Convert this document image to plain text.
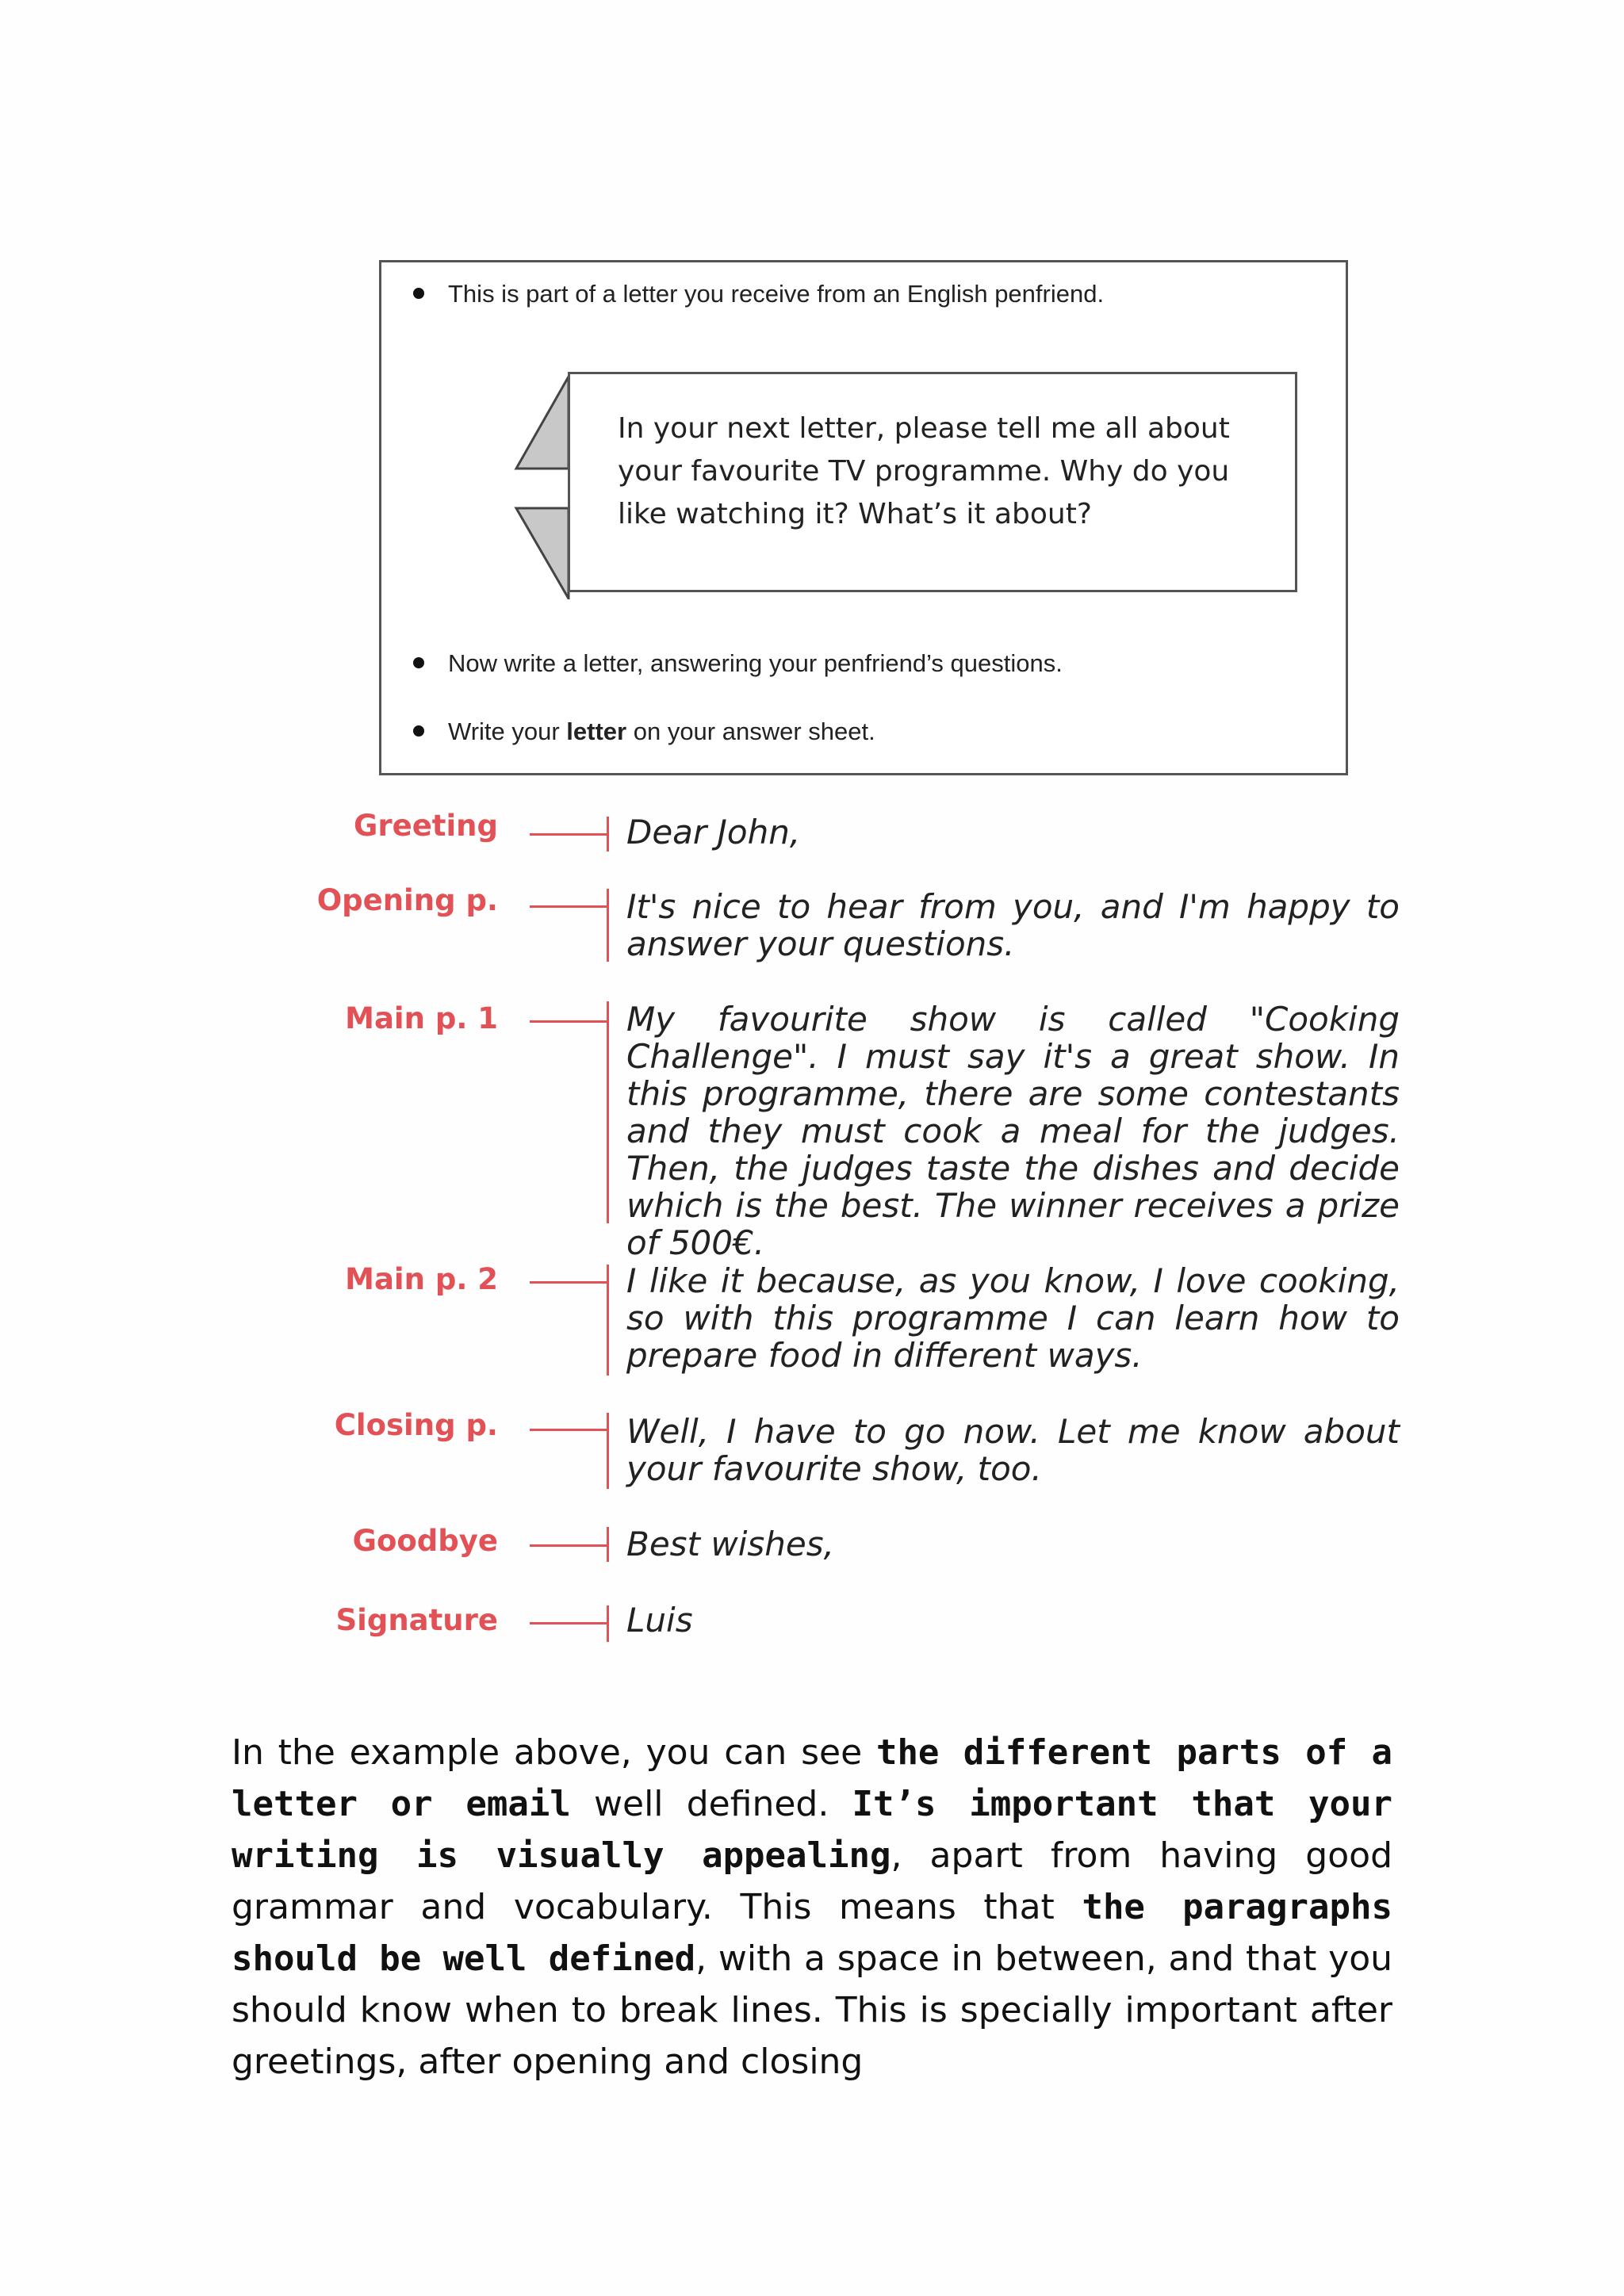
This is part of a letter you receive from an English penfriend.
In your next letter, please tell me all about your favourite TV programme. Why do you like watching it? What’s it about?
Now write a letter, answering your penfriend’s questions.
Write your letter on your answer sheet.
Greeting	Dear John,
Opening p.	It's nice to hear from you, and I'm happy to answer your questions.
Main p. 1	My favourite show is called "Cooking Challenge". I must say it's a great show. In this programme, there are some contestants and they must cook a meal for the judges. Then, the judges taste the dishes and decide which is the best. The winner receives a prize of 500€.
Main p. 2	I like it because, as you know, I love cooking, so with this programme I can learn how to prepare food in different ways.
Closing p.	Well, I have to go now. Let me know about your favourite show, too.
Goodbye	Best wishes,
Signature	Luis
In the example above, you can see the different parts of a letter or email well defined. It’s important that your writing is visually appealing, apart from having good grammar and vocabulary. This means that the paragraphs should be well defined, with a space in between, and that you should know when to break lines. This is specially important after greetings, after opening and closing
